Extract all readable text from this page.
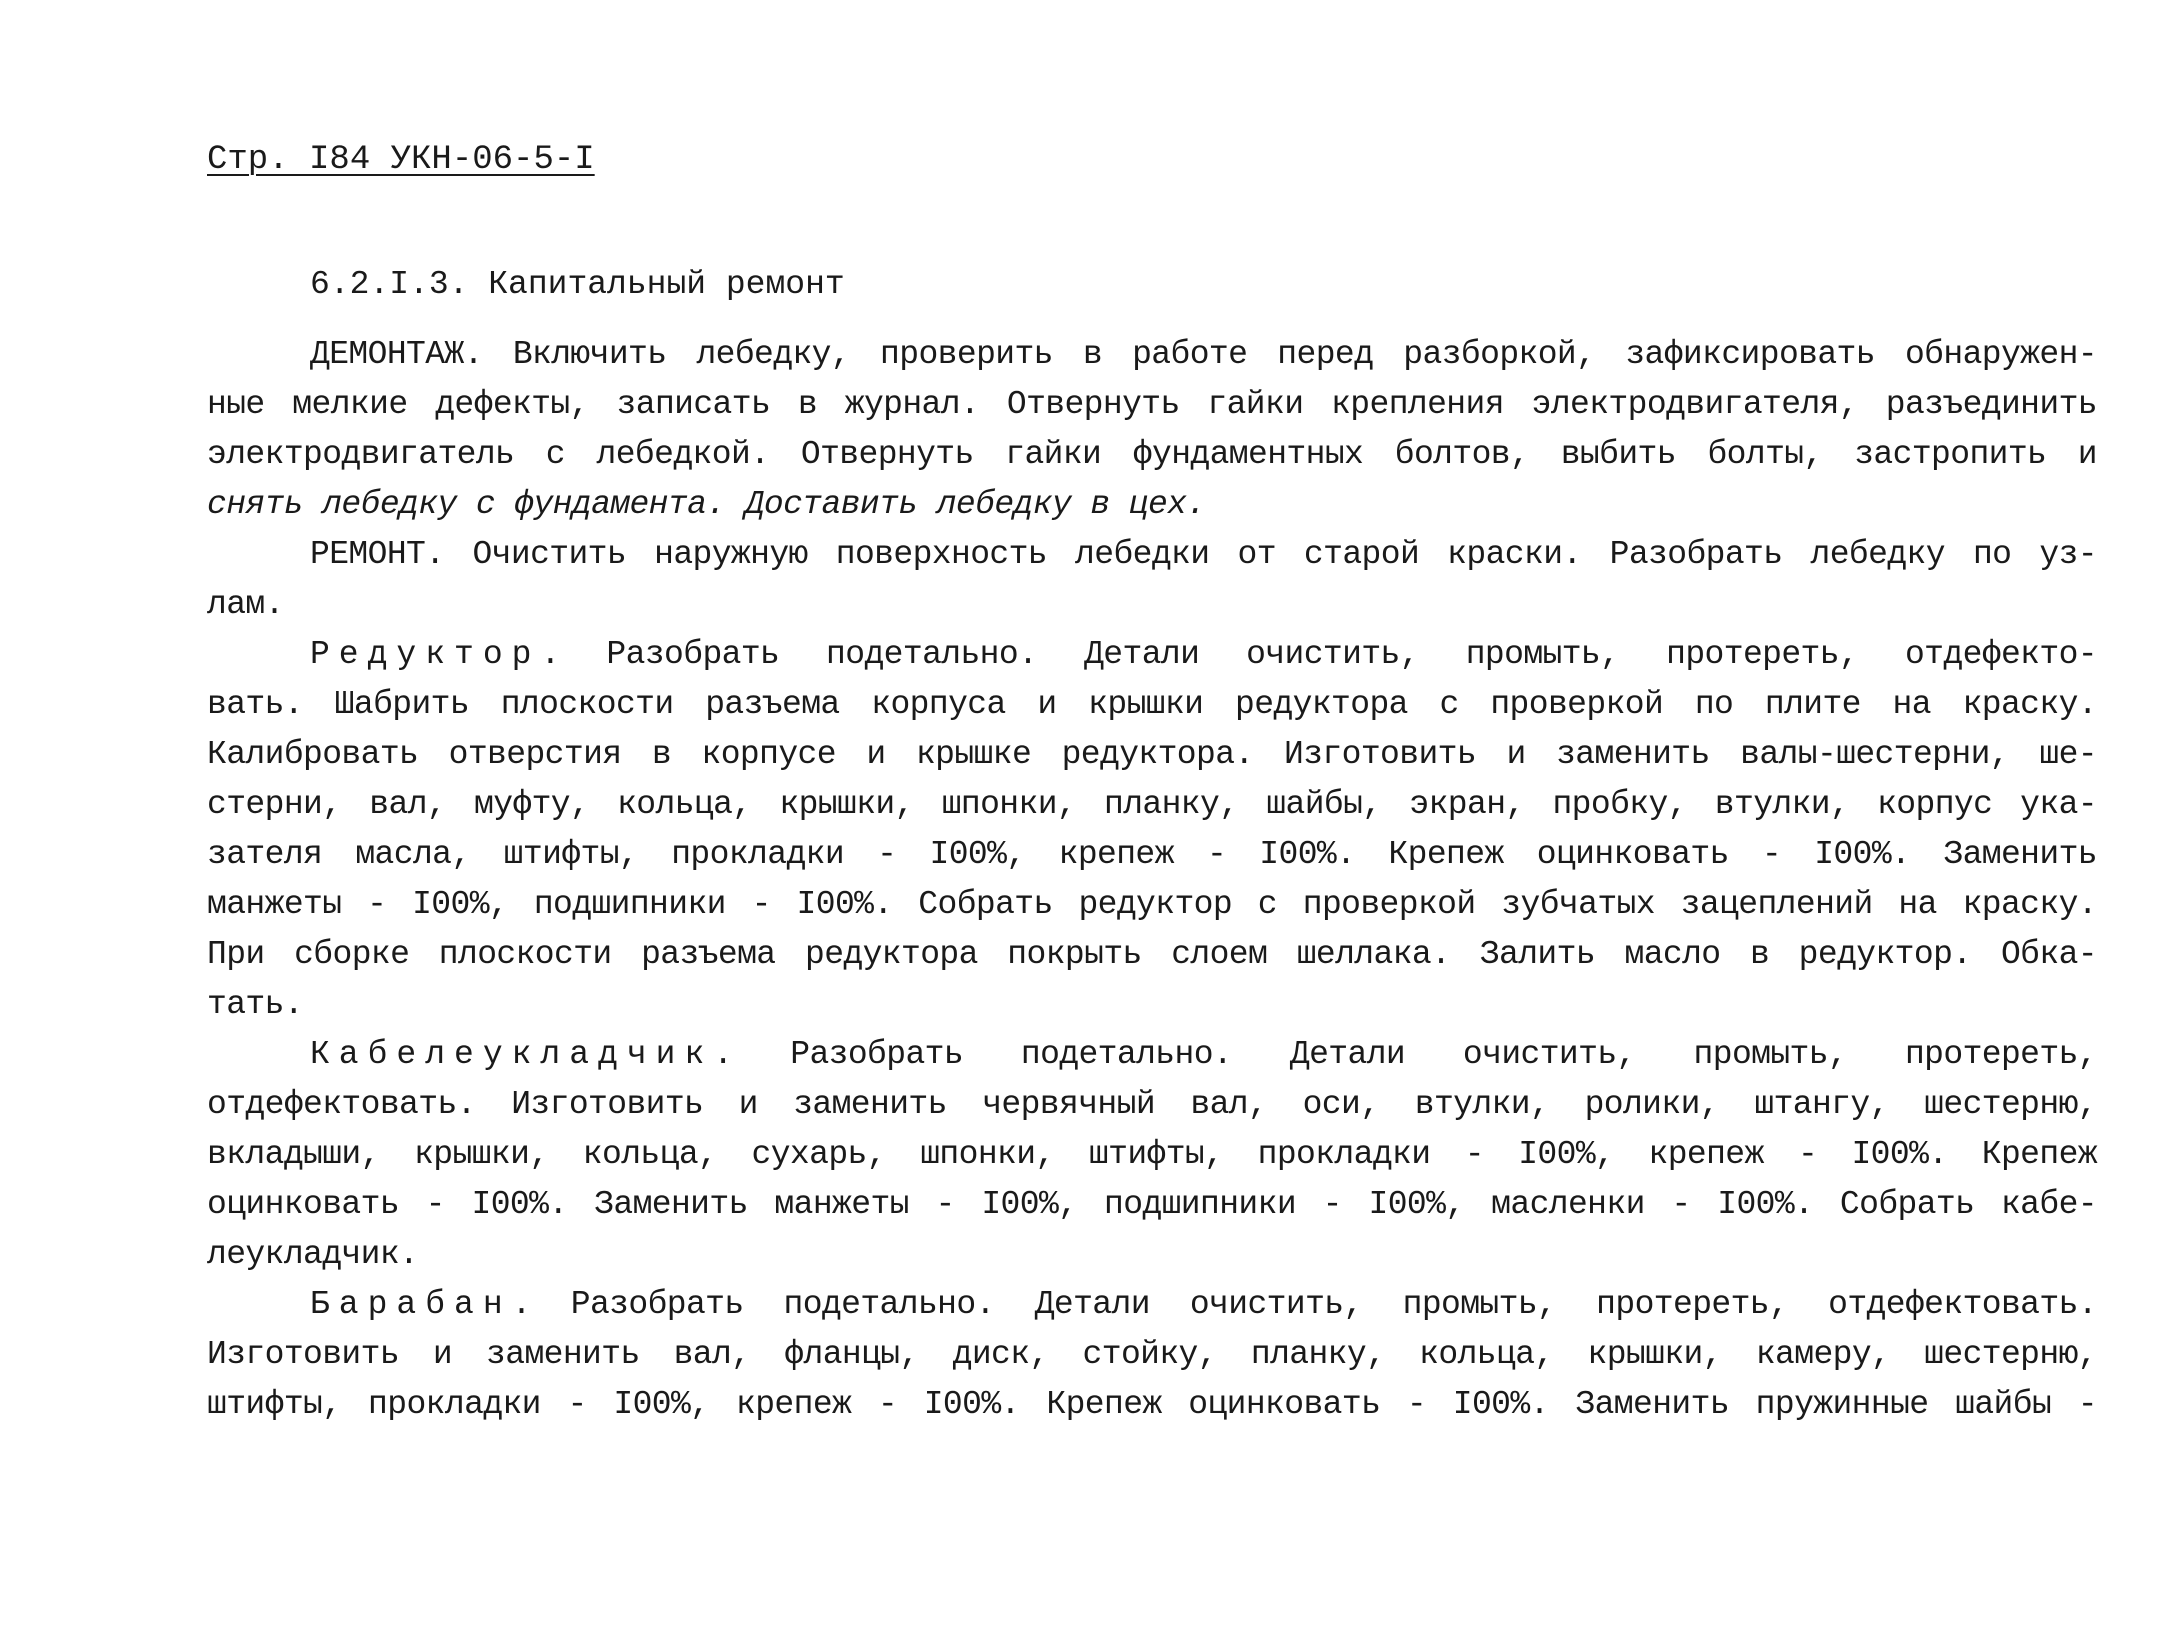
Стр. I84 УКН-06-5-I
6.2.I.3. Капитальный ремонт
ДЕМОНТАЖ. Включить лебедку, проверить в работе перед разборкой, зафиксировать обнаружен-
ные мелкие дефекты, записать в журнал. Отвернуть гайки крепления электродвигателя, разъединить
электродвигатель с лебедкой. Отвернуть гайки фундаментных болтов, выбить болты, застропить и
снять лебедку с фундамента. Доставить лебедку в цех.
РЕМОНТ. Очистить наружную поверхность лебедки от старой краски. Разобрать лебедку по уз-
лам.
Редуктор. Разобрать подетально. Детали очистить, промыть, протереть, отдефекто-
вать. Шабрить плоскости разъема корпуса и крышки редуктора с проверкой по плите на краску.
Калибровать отверстия в корпусе и крышке редуктора. Изготовить и заменить валы-шестерни, ше-
стерни, вал, муфту, кольца, крышки, шпонки, планку, шайбы, экран, пробку, втулки, корпус ука-
зателя масла, штифты, прокладки - I00%, крепеж - I00%. Крепеж оцинковать - I00%. Заменить
манжеты - I00%, подшипники - I00%. Собрать редуктор с проверкой зубчатых зацеплений на краску.
При сборке плоскости разъема редуктора покрыть слоем шеллака. Залить масло в редуктор. Обка-
тать.
Кабелеукладчик. Разобрать подетально. Детали очистить, промыть, протереть,
отдефектовать. Изготовить и заменить червячный вал, оси, втулки, ролики, штангу, шестерню,
вкладыши, крышки, кольца, сухарь, шпонки, штифты, прокладки - I00%, крепеж - I00%. Крепеж
оцинковать - I00%. Заменить манжеты - I00%, подшипники - I00%, масленки - I00%. Собрать кабе-
леукладчик.
Барабан. Разобрать подетально. Детали очистить, промыть, протереть, отдефектовать.
Изготовить и заменить вал, фланцы, диск, стойку, планку, кольца, крышки, камеру, шестерню,
штифты, прокладки - I00%, крепеж - I00%. Крепеж оцинковать - I00%. Заменить пружинные шайбы -
